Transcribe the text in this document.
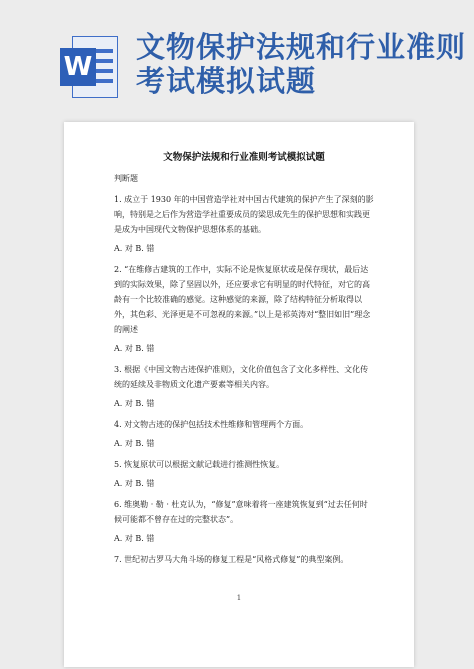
W
文物保护法规和行业准则考试模拟试题
文物保护法规和行业准则考试模拟试题
判断题
1. 成立于 1930 年的中国营造学社对中国古代建筑的保护产生了深刻的影响，特别是之后作为营造学社重要成员的梁思成先生的保护思想和实践更是成为中国现代文物保护思想体系的基础。
A. 对 B. 错
2. “在维修古建筑的工作中，实际不论是恢复原状或是保存现状，最后达到的实际效果，除了坚固以外，还应要求它有明显的时代特征，对它的高龄有一个比较准确的感觉。这种感觉的来源，除了结构特征分析取得以外，其色彩、光泽更是不可忽视的来源。”以上是祁英涛对“整旧如旧”理念的阐述
A. 对 B. 错
3. 根据《中国文物古迹保护准则》，文化价值包含了文化多样性、文化传统的延续及非物质文化遗产要素等相关内容。
A. 对 B. 错
4. 对文物古迹的保护包括技术性维修和管理两个方面。
A. 对 B. 错
5. 恢复原状可以根据文献记载进行推测性恢复。
A. 对 B. 错
6. 维奥勒 · 勒 · 杜克认为，“修复”意味着将一座建筑恢复到“过去任何时候可能都不曾存在过的完整状态”。
A. 对 B. 错
7. 世纪初古罗马大角斗场的修复工程是“风格式修复”的典型案例。
1
